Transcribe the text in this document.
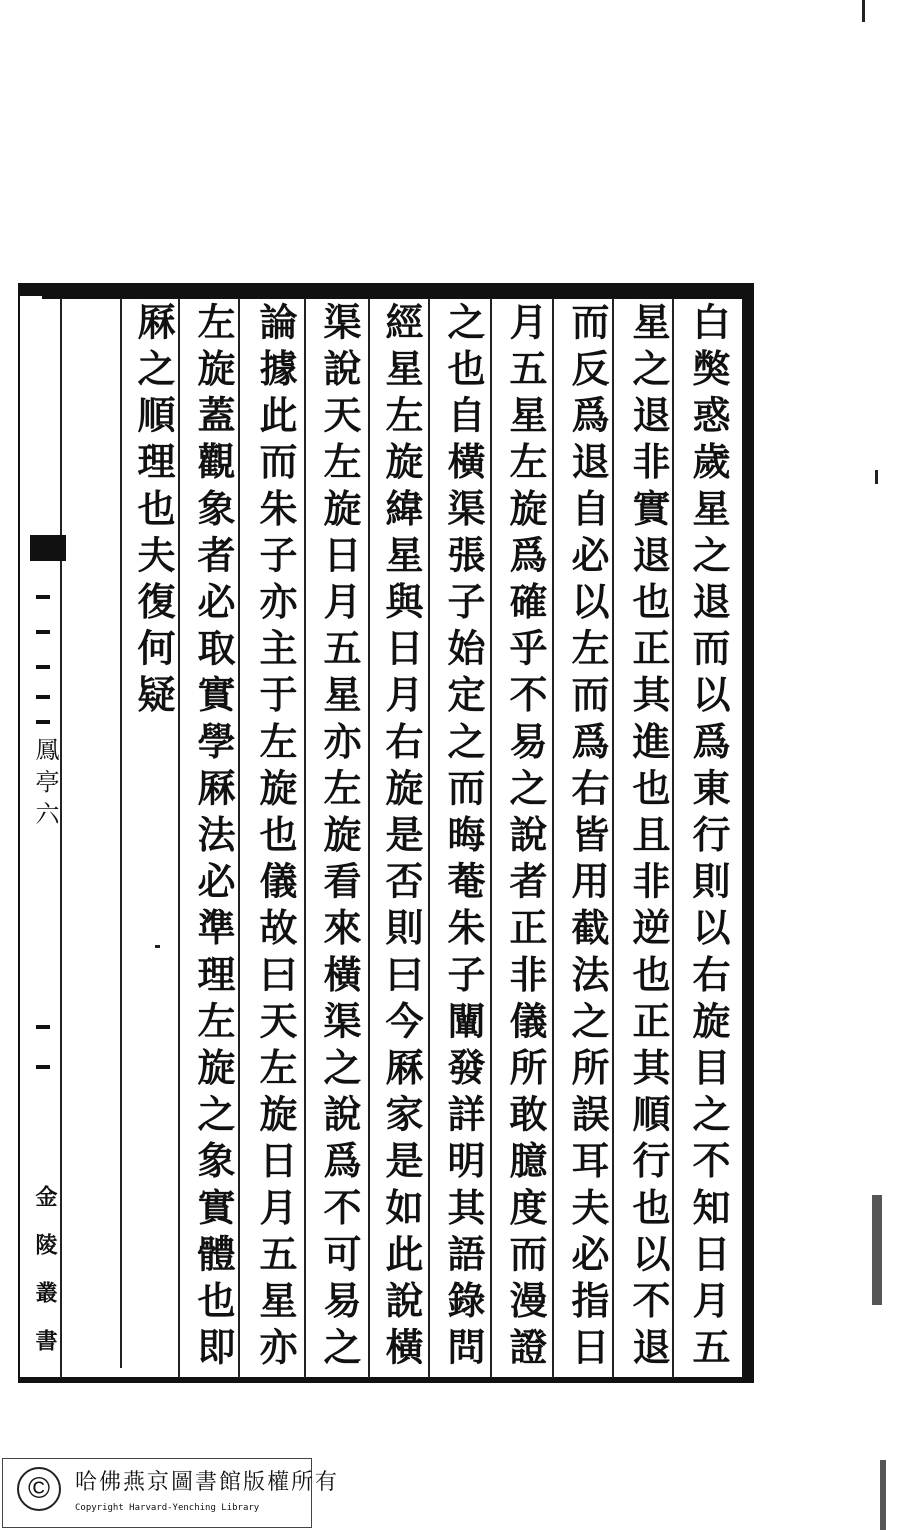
白獘惑歲星之退而以爲東行則以右旋目之不知日月五
星之退非實退也正其進也且非逆也正其順行也以不退
而反爲退自必以左而爲右皆用截法之所誤耳夫必指日
月五星左旋爲確乎不易之說者正非儀所敢臆度而漫證
之也自橫渠張子始定之而晦菴朱子闡發詳明其語錄問
經星左旋緯星與日月右旋是否則曰今厤家是如此說橫
渠說天左旋日月五星亦左旋看來橫渠之說爲不可易之
論據此而朱子亦主于左旋也儀故曰天左旋日月五星亦
左旋蓋觀象者必取實學厤法必準理左旋之象實體也即
厤之順理也夫復何疑
鳳亭六
金陵叢書
©	哈佛燕京圖書館版權所有
Copyright Harvard-Yenching Library
